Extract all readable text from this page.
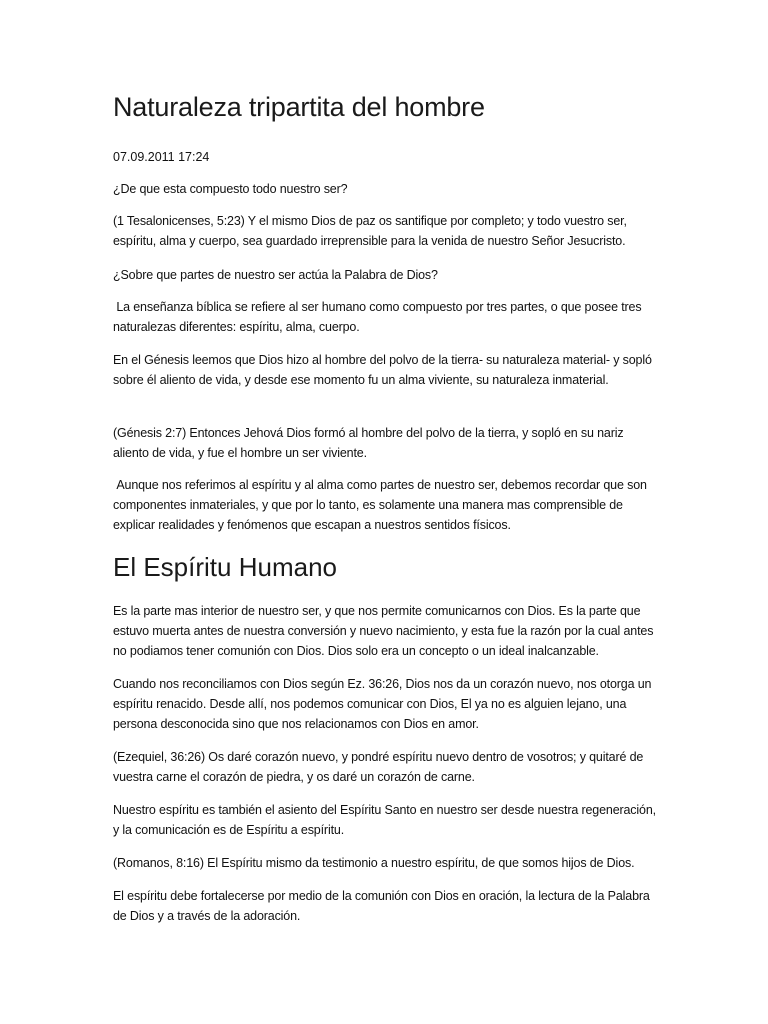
Naturaleza tripartita del hombre

07.09.2011 17:24

¿De que esta compuesto todo nuestro ser?

(1 Tesalonicenses, 5:23) Y el mismo Dios de paz os santifique por completo; y todo vuestro ser, espíritu, alma y cuerpo, sea guardado irreprensible para la venida de nuestro Señor Jesucristo.

¿Sobre que partes de nuestro ser actúa la Palabra de Dios?

La enseñanza bíblica se refiere al ser humano como compuesto por tres partes, o que posee tres naturalezas diferentes: espíritu, alma, cuerpo.

En el Génesis leemos que Dios hizo al hombre del polvo de la tierra- su naturaleza material- y sopló sobre él aliento de vida, y desde ese momento fu un alma viviente, su naturaleza inmaterial.

(Génesis 2:7) Entonces Jehová Dios formó al hombre del polvo de la tierra, y sopló en su nariz aliento de vida, y fue el hombre un ser viviente.

Aunque nos referimos al espíritu y al alma como partes de nuestro ser, debemos recordar que son componentes inmateriales, y que por lo tanto, es solamente una manera mas comprensible de explicar realidades y fenómenos que escapan a nuestros sentidos físicos.

El Espíritu Humano

Es la parte mas interior de nuestro ser, y que nos permite comunicarnos con Dios. Es la parte que estuvo muerta antes de nuestra conversión y nuevo nacimiento, y esta fue la razón por la cual antes no podiamos tener comunión con Dios. Dios solo era un concepto o un ideal inalcanzable.

Cuando nos reconciliamos con Dios según Ez. 36:26, Dios nos da un corazón nuevo, nos otorga un espíritu renacido. Desde allí, nos podemos comunicar con Dios, El ya no es alguien lejano, una persona desconocida sino que nos relacionamos con Dios en amor.

(Ezequiel, 36:26) Os daré corazón nuevo, y pondré espíritu nuevo dentro de vosotros; y quitaré de vuestra carne el corazón de piedra, y os daré un corazón de carne.

Nuestro espíritu es también el asiento del Espíritu Santo en nuestro ser desde nuestra regeneración, y la comunicación es de Espíritu a espíritu.

(Romanos, 8:16) El Espíritu mismo da testimonio a nuestro espíritu, de que somos hijos de Dios.

El espíritu debe fortalecerse por medio de la comunión con Dios en oración, la lectura de la Palabra de Dios y a través de la adoración.
